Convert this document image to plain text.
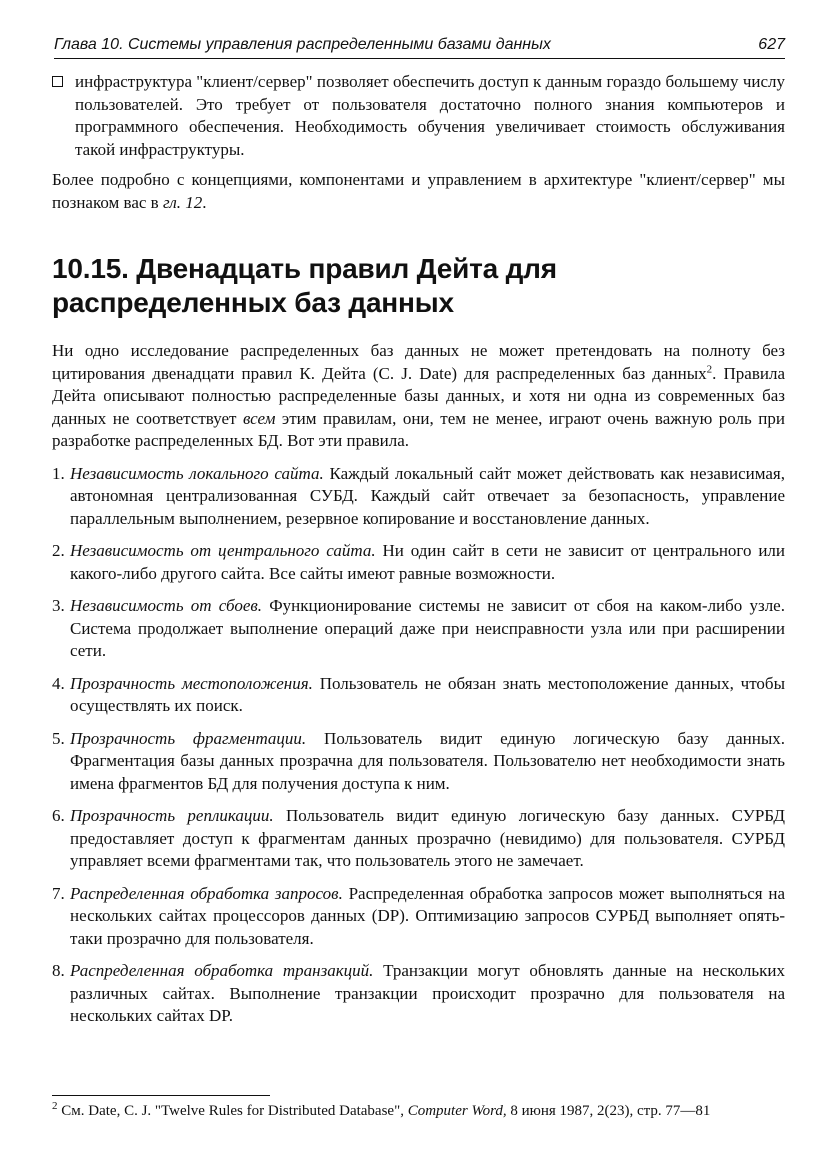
Глава 10. Системы управления распределенными базами данных	627

инфраструктура "клиент/сервер" позволяет обеспечить доступ к данным гораздо большему числу пользователей. Это требует от пользователя достаточно полного знания компьютеров и программного обеспечения. Необходимость обучения увеличивает стоимость обслуживания такой инфраструктуры.

Более подробно с концепциями, компонентами и управлением в архитектуре "клиент/сервер" мы познаком вас в гл. 12.

10.15. Двенадцать правил Дейта для распределенных баз данных

Ни одно исследование распределенных баз данных не может претендовать на полноту без цитирования двенадцати правил К. Дейта (C. J. Date) для распределенных баз данных$^2$. Правила Дейта описывают полностью распределенные базы данных, и хотя ни одна из современных баз данных не соответствует всем этим правилам, они, тем не менее, играют очень важную роль при разработке распределенных БД. Вот эти правила.

1. Независимость локального сайта. Каждый локальный сайт может действовать как независимая, автономная централизованная СУБД. Каждый сайт отвечает за безопасность, управление параллельным выполнением, резервное копирование и восстановление данных.
2. Независимость от центрального сайта. Ни один сайт в сети не зависит от центрального или какого-либо другого сайта. Все сайты имеют равные возможности.
3. Независимость от сбоев. Функционирование системы не зависит от сбоя на каком-либо узле. Система продолжает выполнение операций даже при неисправности узла или при расширении сети.
4. Прозрачность местоположения. Пользователь не обязан знать местоположение данных, чтобы осуществлять их поиск.
5. Прозрачность фрагментации. Пользователь видит единую логическую базу данных. Фрагментация базы данных прозрачна для пользователя. Пользователю нет необходимости знать имена фрагментов БД для получения доступа к ним.
6. Прозрачность репликации. Пользователь видит единую логическую базу данных. СУРБД предоставляет доступ к фрагментам данных прозрачно (невидимо) для пользователя. СУРБД управляет всеми фрагментами так, что пользователь этого не замечает.
7. Распределенная обработка запросов. Распределенная обработка запросов может выполняться на нескольких сайтах процессоров данных (DP). Оптимизацию запросов СУРБД выполняет опять-таки прозрачно для пользователя.
8. Распределенная обработка транзакций. Транзакции могут обновлять данные на нескольких различных сайтах. Выполнение транзакции происходит прозрачно для пользователя на нескольких сайтах DP.

$^2$ См. Date, C. J. "Twelve Rules for Distributed Database", Computer Word, 8 июня 1987, 2(23), стр. 77—81
